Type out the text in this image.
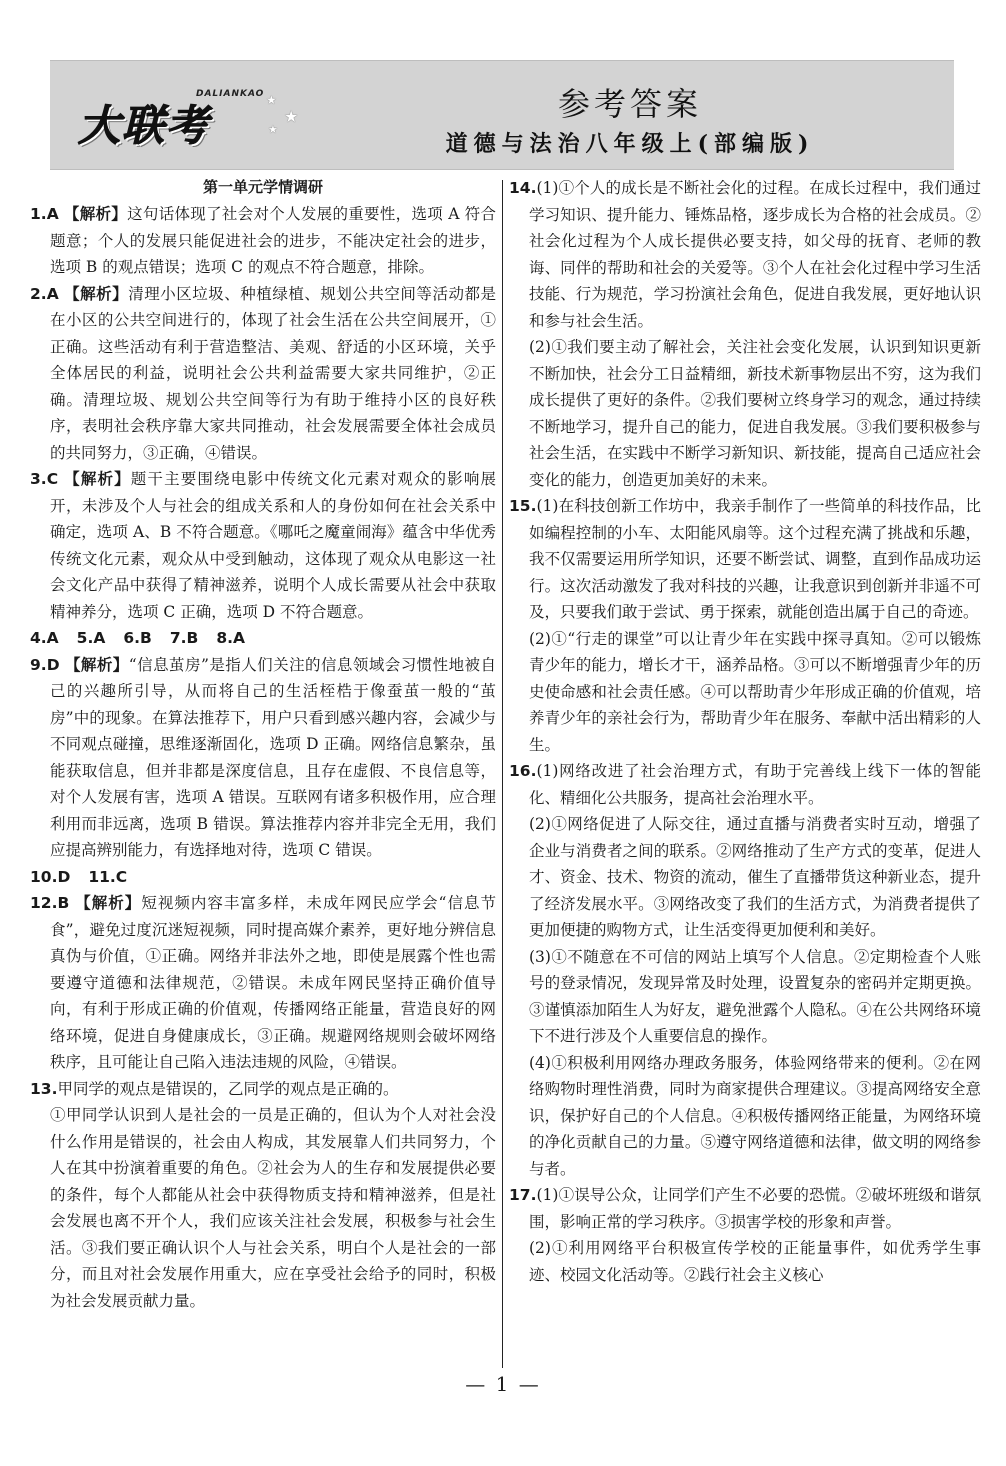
DALIANKAO
大联考
★
★
★
参考答案
道德与法治八年级上(部编版)
第一单元学情调研

1.A 【解析】这句话体现了社会对个人发展的重要性，选项 A 符合题意；个人的发展只能促进社会的进步，不能决定社会的进步，选项 B 的观点错误；选项 C 的观点不符合题意，排除。

2.A 【解析】清理小区垃圾、种植绿植、规划公共空间等活动都是在小区的公共空间进行的，体现了社会生活在公共空间展开，①正确。这些活动有利于营造整洁、美观、舒适的小区环境，关乎全体居民的利益，说明社会公共利益需要大家共同维护，②正确。清理垃圾、规划公共空间等行为有助于维持小区的良好秩序，表明社会秩序靠大家共同推动，社会发展需要全体社会成员的共同努力，③正确，④错误。

3.C 【解析】题干主要围绕电影中传统文化元素对观众的影响展开，未涉及个人与社会的组成关系和人的身份如何在社会关系中确定，选项 A、B 不符合题意。《哪吒之魔童闹海》蕴含中华优秀传统文化元素，观众从中受到触动，这体现了观众从电影这一社会文化产品中获得了精神滋养，说明个人成长需要从社会中获取精神养分，选项 C 正确，选项 D 不符合题意。

4.A 5.A 6.B 7.B 8.A

9.D 【解析】“信息茧房”是指人们关注的信息领域会习惯性地被自己的兴趣所引导，从而将自己的生活桎梏于像蚕茧一般的“茧房”中的现象。在算法推荐下，用户只看到感兴趣内容，会减少与不同观点碰撞，思维逐渐固化，选项 D 正确。网络信息繁杂，虽能获取信息，但并非都是深度信息，且存在虚假、不良信息等，对个人发展有害，选项 A 错误。互联网有诸多积极作用，应合理利用而非远离，选项 B 错误。算法推荐内容并非完全无用，我们应提高辨别能力，有选择地对待，选项 C 错误。

10.D 11.C

12.B 【解析】短视频内容丰富多样，未成年网民应学会“信息节食”，避免过度沉迷短视频，同时提高媒介素养，更好地分辨信息真伪与价值，①正确。网络并非法外之地，即使是展露个性也需要遵守道德和法律规范，②错误。未成年网民坚持正确价值导向，有利于形成正确的价值观，传播网络正能量，营造良好的网络环境，促进自身健康成长，③正确。规避网络规则会破坏网络秩序，且可能让自己陷入违法违规的风险，④错误。

13.甲同学的观点是错误的，乙同学的观点是正确的。

①甲同学认识到人是社会的一员是正确的，但认为个人对社会没什么作用是错误的，社会由人构成，其发展靠人们共同努力，个人在其中扮演着重要的角色。②社会为人的生存和发展提供必要的条件，每个人都能从社会中获得物质支持和精神滋养，但是社会发展也离不开个人，我们应该关注社会发展，积极参与社会生活。③我们要正确认识个人与社会关系，明白个人是社会的一部分，而且对社会发展作用重大，应在享受社会给予的同时，积极为社会发展贡献力量。

14.(1)①个人的成长是不断社会化的过程。在成长过程中，我们通过学习知识、提升能力、锤炼品格，逐步成长为合格的社会成员。②社会化过程为个人成长提供必要支持，如父母的抚育、老师的教诲、同伴的帮助和社会的关爱等。③个人在社会化过程中学习生活技能、行为规范，学习扮演社会角色，促进自我发展，更好地认识和参与社会生活。

(2)①我们要主动了解社会，关注社会变化发展，认识到知识更新不断加快，社会分工日益精细，新技术新事物层出不穷，这为我们成长提供了更好的条件。②我们要树立终身学习的观念，通过持续不断地学习，提升自己的能力，促进自我发展。③我们要积极参与社会生活，在实践中不断学习新知识、新技能，提高自己适应社会变化的能力，创造更加美好的未来。

15.(1)在科技创新工作坊中，我亲手制作了一些简单的科技作品，比如编程控制的小车、太阳能风扇等。这个过程充满了挑战和乐趣，我不仅需要运用所学知识，还要不断尝试、调整，直到作品成功运行。这次活动激发了我对科技的兴趣，让我意识到创新并非遥不可及，只要我们敢于尝试、勇于探索，就能创造出属于自己的奇迹。

(2)①“行走的课堂”可以让青少年在实践中探寻真知。②可以锻炼青少年的能力，增长才干，涵养品格。③可以不断增强青少年的历史使命感和社会责任感。④可以帮助青少年形成正确的价值观，培养青少年的亲社会行为，帮助青少年在服务、奉献中活出精彩的人生。

16.(1)网络改进了社会治理方式，有助于完善线上线下一体的智能化、精细化公共服务，提高社会治理水平。

(2)①网络促进了人际交往，通过直播与消费者实时互动，增强了企业与消费者之间的联系。②网络推动了生产方式的变革，促进人才、资金、技术、物资的流动，催生了直播带货这种新业态，提升了经济发展水平。③网络改变了我们的生活方式，为消费者提供了更加便捷的购物方式，让生活变得更加便利和美好。

(3)①不随意在不可信的网站上填写个人信息。②定期检查个人账号的登录情况，发现异常及时处理，设置复杂的密码并定期更换。③谨慎添加陌生人为好友，避免泄露个人隐私。④在公共网络环境下不进行涉及个人重要信息的操作。

(4)①积极利用网络办理政务服务，体验网络带来的便利。②在网络购物时理性消费，同时为商家提供合理建议。③提高网络安全意识，保护好自己的个人信息。④积极传播网络正能量，为网络环境的净化贡献自己的力量。⑤遵守网络道德和法律，做文明的网络参与者。

17.(1)①误导公众，让同学们产生不必要的恐慌。②破坏班级和谐氛围，影响正常的学习秩序。③损害学校的形象和声誉。

(2)①利用网络平台积极宣传学校的正能量事件，如优秀学生事迹、校园文化活动等。②践行社会主义核心

— 1 —
